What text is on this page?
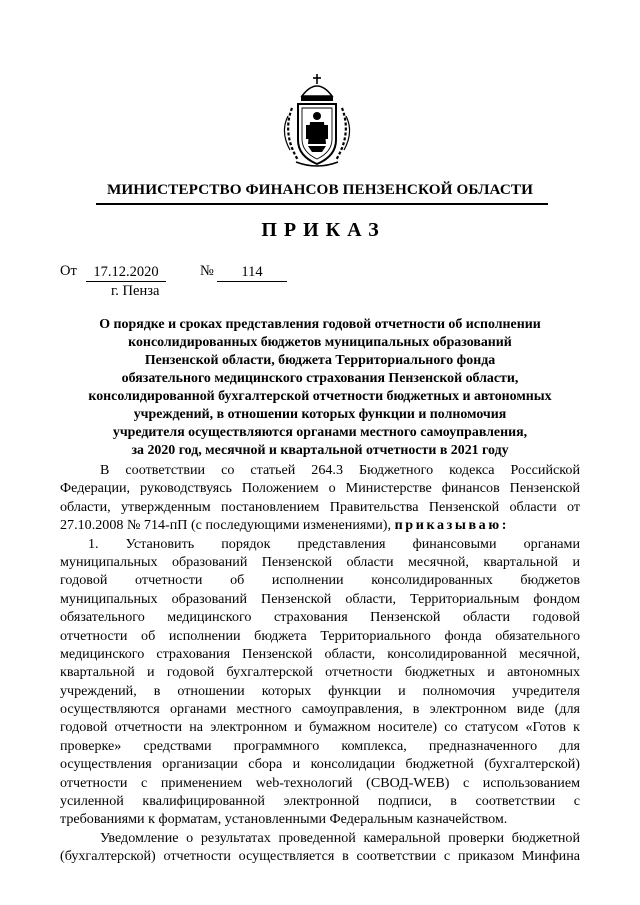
МИНИСТЕРСТВО ФИНАНСОВ ПЕНЗЕНСКОЙ ОБЛАСТИ
ПРИКАЗ
От	17.12.2020	№	114
г. Пенза
О порядке и сроках представления годовой отчетности об исполнении
консолидированных бюджетов муниципальных образований
Пензенской области, бюджета Территориального фонда
обязательного медицинского страхования Пензенской области,
консолидированной бухгалтерской отчетности бюджетных и автономных
учреждений, в отношении которых функции и полномочия
учредителя осуществляются органами местного самоуправления,
за 2020 год, месячной и квартальной отчетности в 2021 году
В соответствии со статьей 264.3 Бюджетного кодекса Российской
Федерации, руководствуясь Положением о Министерстве финансов Пензенской
области, утвержденным постановлением Правительства Пензенской области от
27.10.2008 № 714-пП (с последующими изменениями), приказываю:
1. Установить порядок представления финансовыми органами
муниципальных образований Пензенской области месячной, квартальной и
годовой отчетности об исполнении консолидированных бюджетов
муниципальных образований Пензенской области, Территориальным фондом
обязательного медицинского страхования Пензенской области годовой
отчетности об исполнении бюджета Территориального фонда обязательного
медицинского страхования Пензенской области, консолидированной месячной,
квартальной и годовой бухгалтерской отчетности бюджетных и автономных
учреждений, в отношении которых функции и полномочия учредителя
осуществляются органами местного самоуправления, в электронном виде (для
годовой отчетности на электронном и бумажном носителе) со статусом «Готов к
проверке» средствами программного комплекса, предназначенного для
осуществления организации сбора и консолидации бюджетной (бухгалтерской)
отчетности с применением web-технологий (СВОД-WEB) с использованием
усиленной квалифицированной электронной подписи, в соответствии с
требованиями к форматам, установленными Федеральным казначейством.
Уведомление о результатах проведенной камеральной проверки бюджетной
(бухгалтерской) отчетности осуществляется в соответствии с приказом Минфина
